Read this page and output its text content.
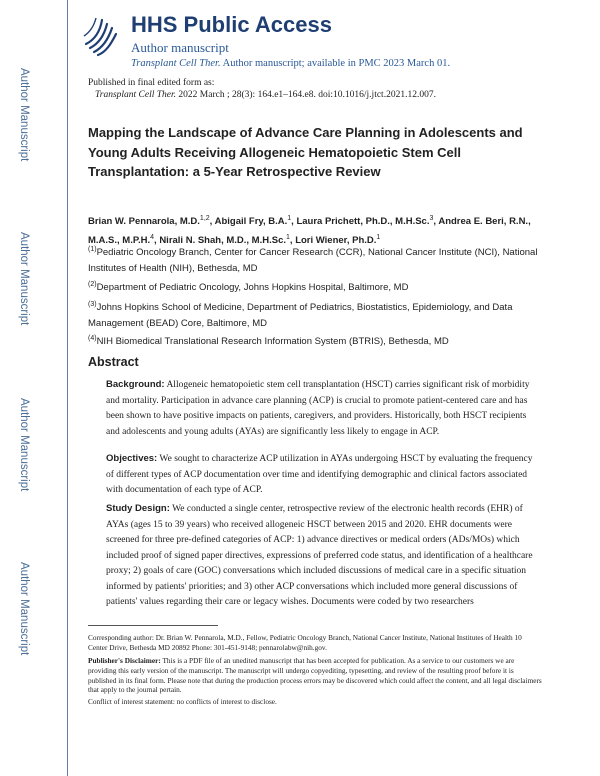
Author Manuscript
Author Manuscript
Author Manuscript
Author Manuscript
HHS Public Access
Author manuscript
Transplant Cell Ther. Author manuscript; available in PMC 2023 March 01.
Published in final edited form as:
Transplant Cell Ther. 2022 March ; 28(3): 164.e1–164.e8. doi:10.1016/j.jtct.2021.12.007.
Mapping the Landscape of Advance Care Planning in Adolescents and Young Adults Receiving Allogeneic Hematopoietic Stem Cell Transplantation: a 5-Year Retrospective Review
Brian W. Pennarola, M.D.$^{1,2}$, Abigail Fry, B.A.$^1$, Laura Prichett, Ph.D., M.H.Sc.$^3$, Andrea E. Beri, R.N., M.A.S., M.P.H.$^4$, Nirali N. Shah, M.D., M.H.Sc.$^1$, Lori Wiener, Ph.D.$^1$
$^{(1)}$Pediatric Oncology Branch, Center for Cancer Research (CCR), National Cancer Institute (NCI), National Institutes of Health (NIH), Bethesda, MD
$^{(2)}$Department of Pediatric Oncology, Johns Hopkins Hospital, Baltimore, MD
$^{(3)}$Johns Hopkins School of Medicine, Department of Pediatrics, Biostatistics, Epidemiology, and Data Management (BEAD) Core, Baltimore, MD
$^{(4)}$NIH Biomedical Translational Research Information System (BTRIS), Bethesda, MD
Abstract
Background: Allogeneic hematopoietic stem cell transplantation (HSCT) carries significant risk of morbidity and mortality. Participation in advance care planning (ACP) is crucial to promote patient-centered care and has been shown to have positive impacts on patients, caregivers, and providers. Historically, both HSCT recipients and adolescents and young adults (AYAs) are significantly less likely to engage in ACP.
Objectives: We sought to characterize ACP utilization in AYAs undergoing HSCT by evaluating the frequency of different types of ACP documentation over time and identifying demographic and clinical factors associated with documentation of each type of ACP.
Study Design: We conducted a single center, retrospective review of the electronic health records (EHR) of AYAs (ages 15 to 39 years) who received allogeneic HSCT between 2015 and 2020. EHR documents were screened for three pre-defined categories of ACP: 1) advance directives or medical orders (ADs/MOs) which included proof of signed paper directives, expressions of preferred code status, and identification of a healthcare proxy; 2) goals of care (GOC) conversations which included discussions of medical care in a specific situation informed by patients' priorities; and 3) other ACP conversations which included more general discussions of patients' values regarding their care or legacy wishes. Documents were coded by two researchers
Corresponding author: Dr. Brian W. Pennarola, M.D., Fellow, Pediatric Oncology Branch, National Cancer Institute, National Institutes of Health 10 Center Drive, Bethesda MD 20892 Phone: 301-451-9148; pennarolabw@nih.gov.
Publisher's Disclaimer: This is a PDF file of an unedited manuscript that has been accepted for publication. As a service to our customers we are providing this early version of the manuscript. The manuscript will undergo copyediting, typesetting, and review of the resulting proof before it is published in its final form. Please note that during the production process errors may be discovered which could affect the content, and all legal disclaimers that apply to the journal pertain.
Conflict of interest statement: no conflicts of interest to disclose.
